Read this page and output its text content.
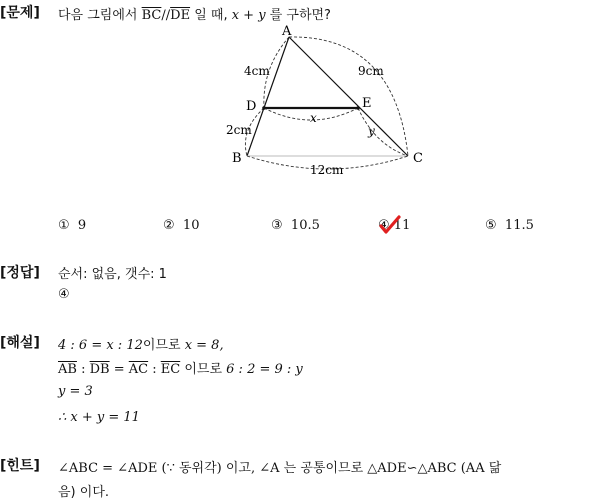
[문제] 다음 그림에서 $\overline{BC}//\overline{DE}$ 일 때, x + y 를 구하면?
A
B	C
D	E
4cm	9cm
2cm
x
y
12cm
① 9	② 10	③ 10.5	④ 11	⑤ 11.5
[정답] 순서: 없음, 갯수: 1
④
[해설] 4 : 6 = x : 12이므로 x = 8,
$\overline{AB}$ : $\overline{DB} = \overline{AC}$ : $\overline{EC}$ 이므로 6 : 2 = 9 : y
y = 3
∴ x + y = 11
[힌트] ∠ABC = ∠ADE (∵ 동위각) 이고, ∠A 는 공통이므로 △ADE∽△ABC (AA 닮
음) 이다.
